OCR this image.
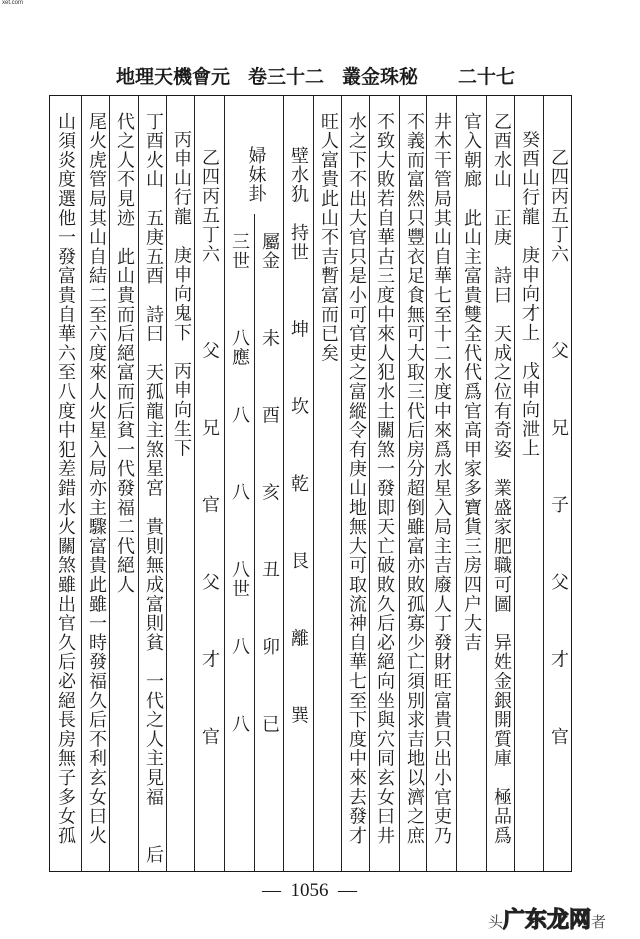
xet.com
地理天機會元 卷三十二 叢金珠秘 二十七
乙四丙五丁六　　　　父　　　兄　　　子　　　父　　　才　　　官
癸酉山行龍　庚申向才上　戊申向泄上
乙酉水山　正庚　詩曰　天成之位有奇姿　業盛家肥職可圖　异姓金銀開質庫　極品爲
官入朝廊　此山主富貴雙全代代爲官高甲家多寶貨三房四户大吉
井木干管局其山自華七至十二水度中來爲水星入局主吉廢人丁發財旺富貴只出小官吏乃
不義而富然只豐衣足食無可大取三代后房分超倒雖富亦敗孤寡少亡須別求吉地以濟之庶
不致大敗若自華古三度中來人犯水土關煞一發即天亡破敗久后必絕向坐與穴同玄女曰井
水之下不出大官只是小可官吏之富縱令有庚山地無大可取流神自華七至下度中來去發才
旺人富貴此山不吉暫富而已矣
壁水犰　持世　　　坤　　　坎　　　乾　　　艮　　　離　　　巽
婦妹卦
屬金　　　未　　　酉　　　亥　　　丑　　　卯　　　已
三世　　　八應　　八　　　八　　　八世　　八　　　八
乙四丙五丁六　　　　父　　　兄　　　官　　　父　　　才　　　官
丙申山行龍　庚申向鬼下　丙申向生下
丁酉火山　五庚五酉　詩曰　天孤龍主煞星宮　貴則無成富則貧　一代之人主見福　　后
代之人不見迹　此山貴而后絕富而后貧一代發福二代絕人
尾火虎管局其山自結二至六度來人火星入局亦主驟富貴此雖一時發福久后不利玄女曰火
山須炎度選他一發富貴自華六至八度中犯差錯水火關煞雖出官久后必絕長房無子多女孤
—  1056  —
头广东龙网者
